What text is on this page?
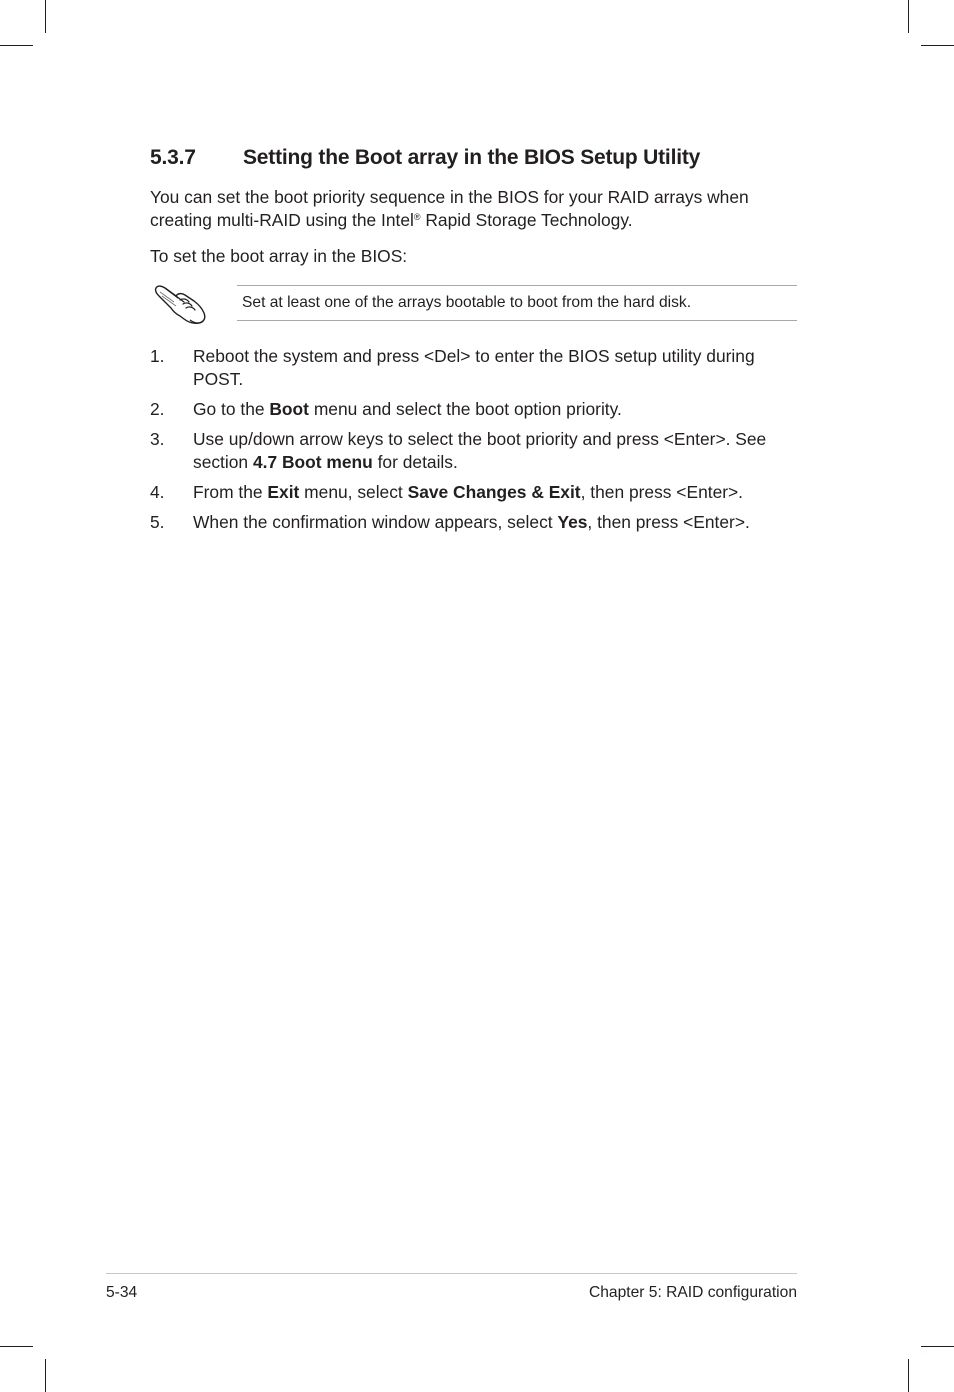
5.3.7 Setting the Boot array in the BIOS Setup Utility

You can set the boot priority sequence in the BIOS for your RAID arrays when
creating multi-RAID using the Intel® Rapid Storage Technology.

To set the boot array in the BIOS:

Set at least one of the arrays bootable to boot from the hard disk.

1. Reboot the system and press <Del> to enter the BIOS setup utility during POST.
2. Go to the Boot menu and select the boot option priority.
3. Use up/down arrow keys to select the boot priority and press <Enter>. See section 4.7 Boot menu for details.
4. From the Exit menu, select Save Changes & Exit, then press <Enter>.
5. When the confirmation window appears, select Yes, then press <Enter>.

5-34	Chapter 5: RAID configuration
